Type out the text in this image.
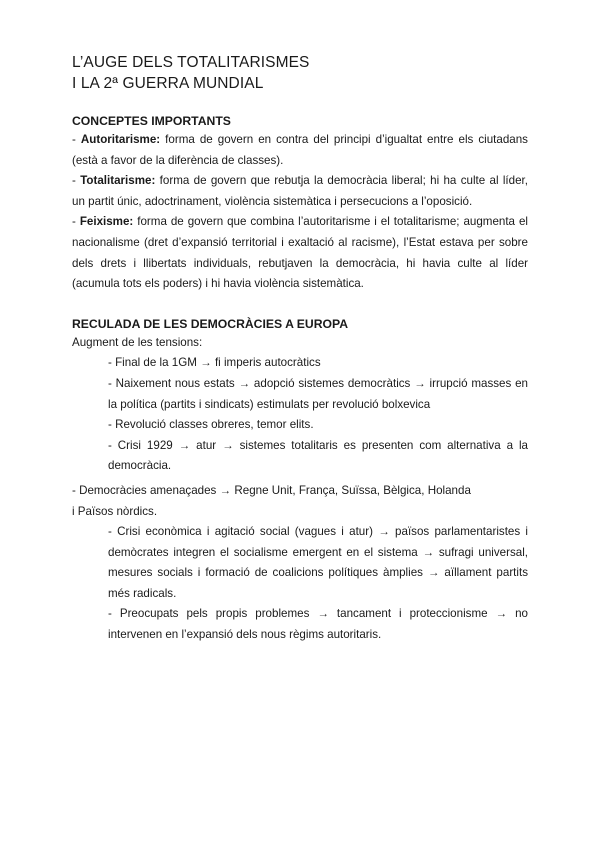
L’AUGE DELS TOTALITARISMES
I LA 2ª GUERRA MUNDIAL
CONCEPTES IMPORTANTS

- Autoritarisme: forma de govern en contra del principi d’igualtat entre els ciutadans (està a favor de la diferència de classes).

- Totalitarisme: forma de govern que rebutja la democràcia liberal; hi ha culte al líder, un partit únic, adoctrinament, violència sistemàtica i persecucions a l’oposició.

- Feixisme: forma de govern que combina l’autoritarisme i el totalitarisme; augmenta el nacionalisme (dret d’expansió territorial i exaltació al racisme), l’Estat estava per sobre dels drets i llibertats individuals, rebutjaven la democràcia, hi havia culte al líder (acumula tots els poders) i hi havia violència sistemàtica.

RECULADA DE LES DEMOCRÀCIES A EUROPA

Augment de les tensions:

- Final de la 1GM → fi imperis autocràtics

- Naixement nous estats → adopció sistemes democràtics → irrupció masses en la política (partits i sindicats) estimulats per revolució bolxevica

- Revolució classes obreres, temor elits.

- Crisi 1929 → atur → sistemes totalitaris es presenten com alternativa a la democràcia.

- Democràcies amenaçades → Regne Unit, França, Suïssa, Bèlgica, Holanda

i Països nòrdics.

- Crisi econòmica i agitació social (vagues i atur) → països parlamentaristes i demòcrates integren el socialisme emergent en el sistema → sufragi universal, mesures socials i formació de coalicions polítiques àmplies → aïllament partits més radicals.

- Preocupats pels propis problemes → tancament i proteccionisme → no intervenen en l’expansió dels nous règims autoritaris.
